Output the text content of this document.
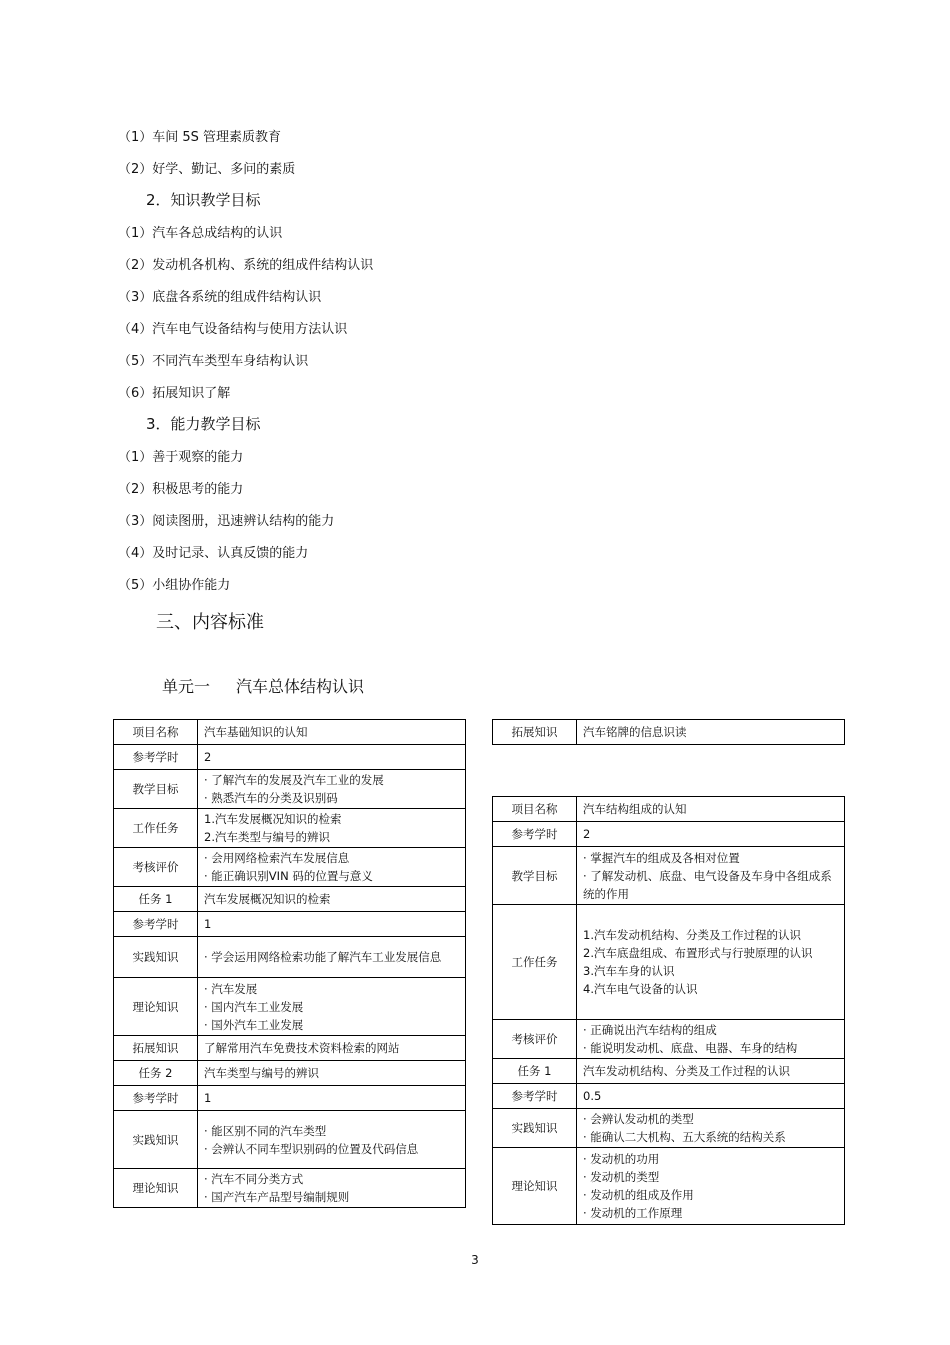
（1）车间 5S 管理素质教育
（2）好学、勤记、多问的素质
2．知识教学目标
（1）汽车各总成结构的认识
（2）发动机各机构、系统的组成件结构认识
（3）底盘各系统的组成件结构认识
（4）汽车电气设备结构与使用方法认识
（5）不同汽车类型车身结构认识
（6）拓展知识了解
3．能力教学目标
（1）善于观察的能力
（2）积极思考的能力
（3）阅读图册，迅速辨认结构的能力
（4）及时记录、认真反馈的能力
（5）小组协作能力
三、内容标准
单元一 汽车总体结构认识
项目名称	汽车基础知识的认知
参考学时	2
教学目标	· 了解汽车的发展及汽车工业的发展
· 熟悉汽车的分类及识别码

工作任务	1.汽车发展概况知识的检索
2.汽车类型与编号的辨识

考核评价	· 会用网络检索汽车发展信息
· 能正确识别VIN 码的位置与意义

任务 1	汽车发展概况知识的检索
参考学时	1
实践知识	· 学会运用网络检索功能了解汽车工业发展信息
理论知识	· 汽车发展
· 国内汽车工业发展
· 国外汽车工业发展

拓展知识	了解常用汽车免费技术资料检索的网站
任务 2	汽车类型与编号的辨识
参考学时	1
实践知识	· 能区别不同的汽车类型
· 会辨认不同车型识别码的位置及代码信息

理论知识	· 汽车不同分类方式
· 国产汽车产品型号编制规则
拓展知识	汽车铭牌的信息识读
项目名称	汽车结构组成的认知
参考学时	2
教学目标	· 掌握汽车的组成及各相对位置
· 了解发动机、底盘、电气设备及车身中各组成系统的作用

工作任务	1.汽车发动机结构、分类及工作过程的认识
2.汽车底盘组成、布置形式与行驶原理的认识
3.汽车车身的认识
4.汽车电气设备的认识

考核评价	· 正确说出汽车结构的组成
· 能说明发动机、底盘、电器、车身的结构

任务 1	汽车发动机结构、分类及工作过程的认识
参考学时	0.5
实践知识	· 会辨认发动机的类型
· 能确认二大机构、五大系统的结构关系

理论知识	· 发动机的功用
· 发动机的类型
· 发动机的组成及作用
· 发动机的工作原理
3
